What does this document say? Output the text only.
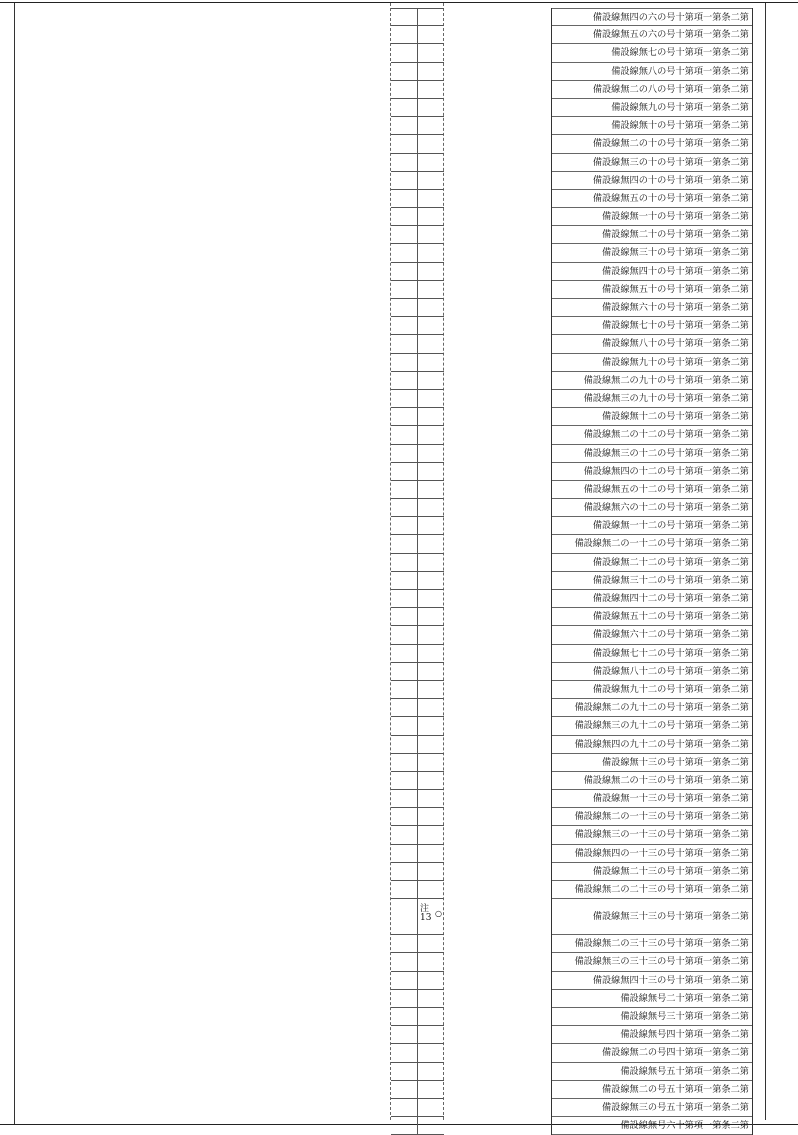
注
13 ○
備設線無四の六の号十第項一第条二第
備設線無五の六の号十第項一第条二第
備設線無七の号十第項一第条二第
備設線無八の号十第項一第条二第
備設線無二の八の号十第項一第条二第
備設線無九の号十第項一第条二第
備設線無十の号十第項一第条二第
備設線無二の十の号十第項一第条二第
備設線無三の十の号十第項一第条二第
備設線無四の十の号十第項一第条二第
備設線無五の十の号十第項一第条二第
備設線無一十の号十第項一第条二第
備設線無二十の号十第項一第条二第
備設線無三十の号十第項一第条二第
備設線無四十の号十第項一第条二第
備設線無五十の号十第項一第条二第
備設線無六十の号十第項一第条二第
備設線無七十の号十第項一第条二第
備設線無八十の号十第項一第条二第
備設線無九十の号十第項一第条二第
備設線無二の九十の号十第項一第条二第
備設線無三の九十の号十第項一第条二第
備設線無十二の号十第項一第条二第
備設線無二の十二の号十第項一第条二第
備設線無三の十二の号十第項一第条二第
備設線無四の十二の号十第項一第条二第
備設線無五の十二の号十第項一第条二第
備設線無六の十二の号十第項一第条二第
備設線無一十二の号十第項一第条二第
備設線無二の一十二の号十第項一第条二第
備設線無二十二の号十第項一第条二第
備設線無三十二の号十第項一第条二第
備設線無四十二の号十第項一第条二第
備設線無五十二の号十第項一第条二第
備設線無六十二の号十第項一第条二第
備設線無七十二の号十第項一第条二第
備設線無八十二の号十第項一第条二第
備設線無九十二の号十第項一第条二第
備設線無二の九十二の号十第項一第条二第
備設線無三の九十二の号十第項一第条二第
備設線無四の九十二の号十第項一第条二第
備設線無十三の号十第項一第条二第
備設線無二の十三の号十第項一第条二第
備設線無一十三の号十第項一第条二第
備設線無二の一十三の号十第項一第条二第
備設線無三の一十三の号十第項一第条二第
備設線無四の一十三の号十第項一第条二第
備設線無二十三の号十第項一第条二第
備設線無二の二十三の号十第項一第条二第
備設線無三十三の号十第項一第条二第
備設線無二の三十三の号十第項一第条二第
備設線無三の三十三の号十第項一第条二第
備設線無四十三の号十第項一第条二第
備設線無号二十第項一第条二第
備設線無号三十第項一第条二第
備設線無号四十第項一第条二第
備設線無二の号四十第項一第条二第
備設線無号五十第項一第条二第
備設線無二の号五十第項一第条二第
備設線無三の号五十第項一第条二第
備設線無号六十第項一第条二第
